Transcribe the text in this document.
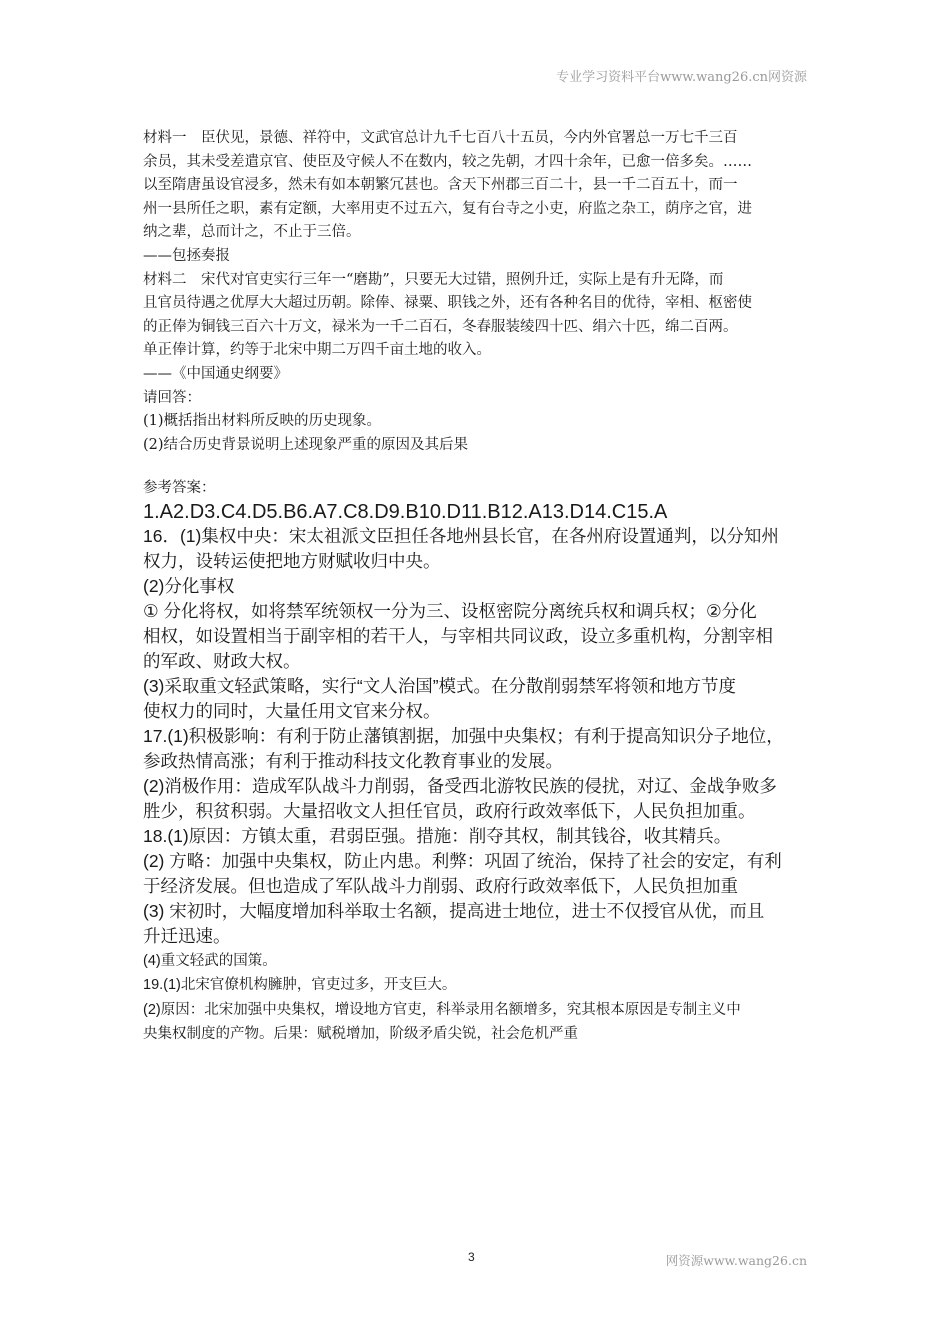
专业学习资料平台www.wang26.cn网资源

材料一　臣伏见，景德、祥符中，文武官总计九千七百八十五员，今内外官署总一万七千三百

余员，其未受差遣京官、使臣及守候人不在数内，较之先朝，才四十余年，已愈一倍多矣。……

以至隋唐虽设官浸多，然未有如本朝繁冗甚也。含天下州郡三百二十，县一千二百五十，而一

州一县所任之职，素有定额，大率用吏不过五六，复有台寺之小吏，府监之杂工，荫序之官，进

纳之辈，总而计之，不止于三倍。

——包拯奏报

材料二　宋代对官吏实行三年一“磨勘”，只要无大过错，照例升迁，实际上是有升无降，而

且官员待遇之优厚大大超过历朝。除俸、禄粟、职钱之外，还有各种名目的优待，宰相、枢密使

的正俸为铜钱三百六十万文，禄米为一千二百石，冬春服装绫四十匹、绢六十匹，绵二百两。

单正俸计算，约等于北宋中期二万四千亩土地的收入。

——《中国通史纲要》

请回答：

(1)概括指出材料所反映的历史现象。

(2)结合历史背景说明上述现象严重的原因及其后果

参考答案：

1.A2.D3.C4.D5.B6.A7.C8.D9.B10.D11.B12.A13.D14.C15.A

16．(1)集权中央：宋太祖派文臣担任各地州县长官，在各州府设置通判，以分知州

权力，设转运使把地方财赋收归中央。

(2)分化事权

① 分化将权，如将禁军统领权一分为三、设枢密院分离统兵权和调兵权；②分化

相权，如设置相当于副宰相的若干人，与宰相共同议政，设立多重机构，分割宰相

的军政、财政大权。

(3)采取重文轻武策略，实行“文人治国”模式。在分散削弱禁军将领和地方节度

使权力的同时，大量任用文官来分权。

17.(1)积极影响：有利于防止藩镇割据，加强中央集权；有利于提高知识分子地位，

参政热情高涨；有利于推动科技文化教育事业的发展。

(2)消极作用：造成军队战斗力削弱，备受西北游牧民族的侵扰，对辽、金战争败多

胜少，积贫积弱。大量招收文人担任官员，政府行政效率低下，人民负担加重。

18.(1)原因：方镇太重，君弱臣强。措施：削夺其权，制其钱谷，收其精兵。

(2) 方略：加强中央集权，防止内患。利弊：巩固了统治，保持了社会的安定，有利

于经济发展。但也造成了军队战斗力削弱、政府行政效率低下，人民负担加重

(3) 宋初时，大幅度增加科举取士名额，提高进士地位，进士不仅授官从优，而且

升迁迅速。

(4)重文轻武的国策。

19.(1)北宋官僚机构臃肿，官吏过多，开支巨大。

(2)原因：北宋加强中央集权，增设地方官吏，科举录用名额增多，究其根本原因是专制主义中

央集权制度的产物。后果：赋税增加，阶级矛盾尖锐，社会危机严重

3	网资源www.wang26.cn
